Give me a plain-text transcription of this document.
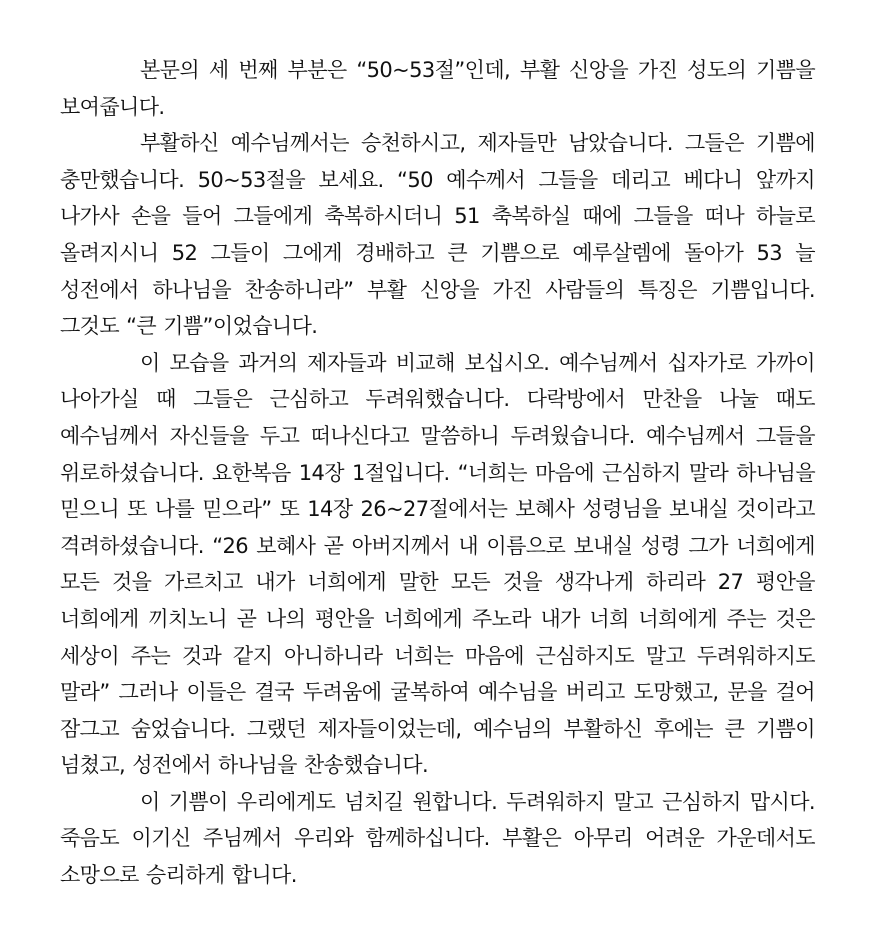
본문의 세 번째 부분은 “50~53절”인데, 부활 신앙을 가진 성도의 기쁨을 보여줍니다.

부활하신 예수님께서는 승천하시고, 제자들만 남았습니다. 그들은 기쁨에 충만했습니다. 50~53절을 보세요. “50 예수께서 그들을 데리고 베다니 앞까지 나가사 손을 들어 그들에게 축복하시더니 51 축복하실 때에 그들을 떠나 하늘로 올려지시니 52 그들이 그에게 경배하고 큰 기쁨으로 예루살렘에 돌아가 53 늘 성전에서 하나님을 찬송하니라” 부활 신앙을 가진 사람들의 특징은 기쁨입니다. 그것도 “큰 기쁨”이었습니다.

이 모습을 과거의 제자들과 비교해 보십시오. 예수님께서 십자가로 가까이 나아가실 때 그들은 근심하고 두려워했습니다. 다락방에서 만찬을 나눌 때도 예수님께서 자신들을 두고 떠나신다고 말씀하니 두려웠습니다. 예수님께서 그들을 위로하셨습니다. 요한복음 14장 1절입니다. “너희는 마음에 근심하지 말라 하나님을 믿으니 또 나를 믿으라” 또 14장 26~27절에서는 보혜사 성령님을 보내실 것이라고 격려하셨습니다. “26 보혜사 곧 아버지께서 내 이름으로 보내실 성령 그가 너희에게 모든 것을 가르치고 내가 너희에게 말한 모든 것을 생각나게 하리라 27 평안을 너희에게 끼치노니 곧 나의 평안을 너희에게 주노라 내가 너희 너희에게 주는 것은 세상이 주는 것과 같지 아니하니라 너희는 마음에 근심하지도 말고 두려워하지도 말라” 그러나 이들은 결국 두려움에 굴복하여 예수님을 버리고 도망했고, 문을 걸어 잠그고 숨었습니다. 그랬던 제자들이었는데, 예수님의 부활하신 후에는 큰 기쁨이 넘쳤고, 성전에서 하나님을 찬송했습니다.

이 기쁨이 우리에게도 넘치길 원합니다. 두려워하지 말고 근심하지 맙시다. 죽음도 이기신 주님께서 우리와 함께하십니다. 부활은 아무리 어려운 가운데서도 소망으로 승리하게 합니다.
